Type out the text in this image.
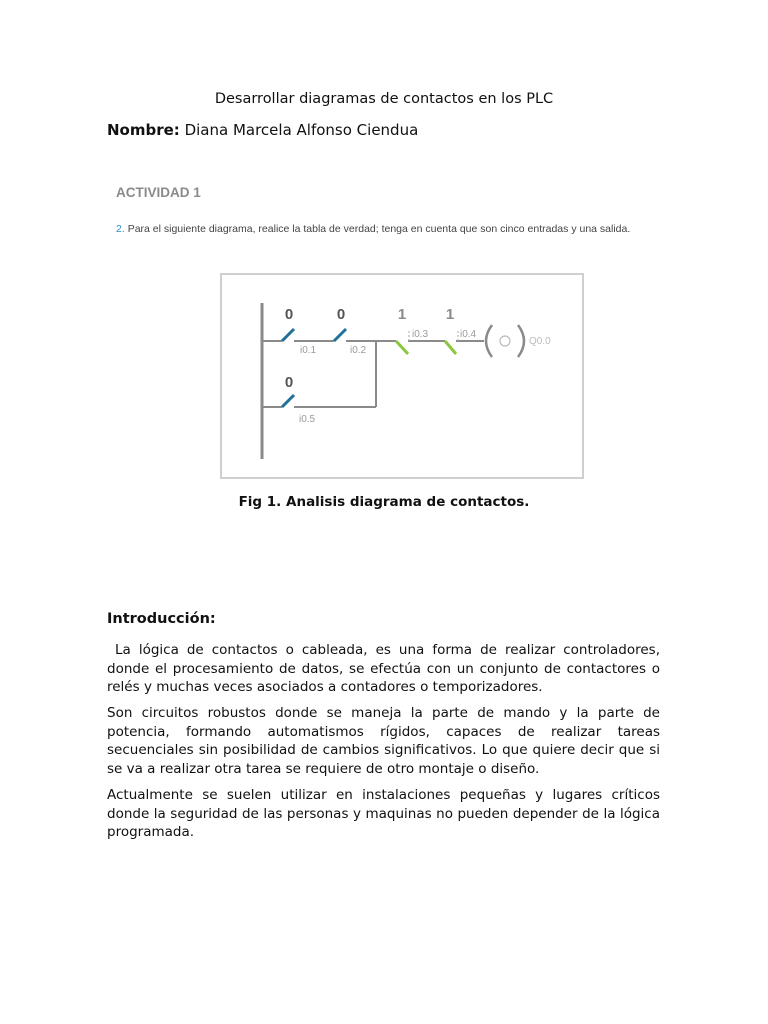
Desarrollar diagramas de contactos en los PLC
Nombre: Diana Marcela Alfonso Ciendua
ACTIVIDAD 1
2. Para el siguiente diagrama, realice la tabla de verdad; tenga en cuenta que son cinco entradas y una salida.
0
i0.1
0
i0.2
1
i0.3
1
i0.4
Q0.0
0
i0.5
Fig 1. Analisis diagrama de contactos.
Introducción:

La lógica de contactos o cableada, es una forma de realizar controladores, donde el procesamiento de datos, se efectúa con un conjunto de contactores o relés y muchas veces asociados a contadores o temporizadores.

Son circuitos robustos donde se maneja la parte de mando y la parte de potencia, formando automatismos rígidos, capaces de realizar tareas secuenciales sin posibilidad de cambios significativos. Lo que quiere decir que si se va a realizar otra tarea se requiere de otro montaje o diseño.

Actualmente se suelen utilizar en instalaciones pequeñas y lugares críticos donde la seguridad de las personas y maquinas no pueden depender de la lógica programada.
